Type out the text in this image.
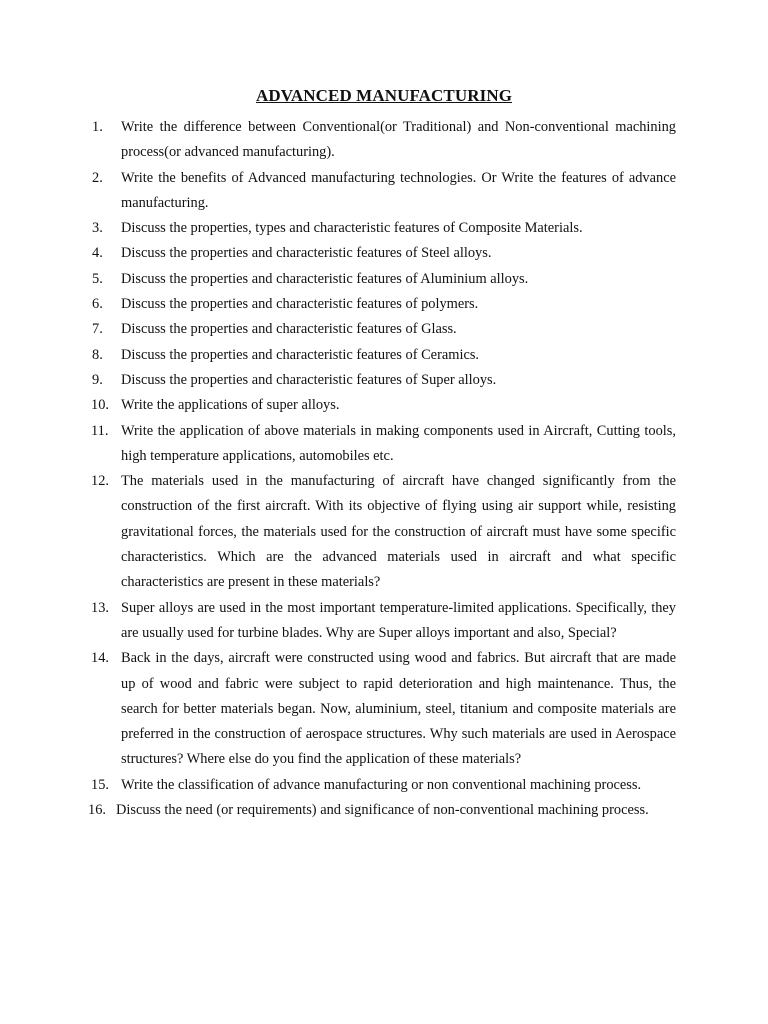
ADVANCED MANUFACTURING
1. Write the difference between Conventional(or Traditional) and Non-conventional machining process(or advanced manufacturing).
2. Write the benefits of Advanced manufacturing technologies. Or Write the features of advance manufacturing.
3. Discuss the properties, types and characteristic features of Composite Materials.
4. Discuss the properties and characteristic features of Steel alloys.
5. Discuss the properties and characteristic features of Aluminium alloys.
6. Discuss the properties and characteristic features of polymers.
7. Discuss the properties and characteristic features of Glass.
8. Discuss the properties and characteristic features of Ceramics.
9. Discuss the properties and characteristic features of Super alloys.
10. Write the applications of super alloys.
11. Write the application of above materials in making components used in Aircraft, Cutting tools, high temperature applications, automobiles etc.
12. The materials used in the manufacturing of aircraft have changed significantly from the construction of the first aircraft. With its objective of flying using air support while, resisting gravitational forces, the materials used for the construction of aircraft must have some specific characteristics. Which are the advanced materials used in aircraft and what specific characteristics are present in these materials?
13. Super alloys are used in the most important temperature-limited applications. Specifically, they are usually used for turbine blades. Why are Super alloys important and also, Special?
14. Back in the days, aircraft were constructed using wood and fabrics. But aircraft that are made up of wood and fabric were subject to rapid deterioration and high maintenance. Thus, the search for better materials began. Now, aluminium, steel, titanium and composite materials are preferred in the construction of aerospace structures. Why such materials are used in Aerospace structures? Where else do you find the application of these materials?
15. Write the classification of advance manufacturing or non conventional machining process.
16. Discuss the need (or requirements) and significance of non-conventional machining process.
